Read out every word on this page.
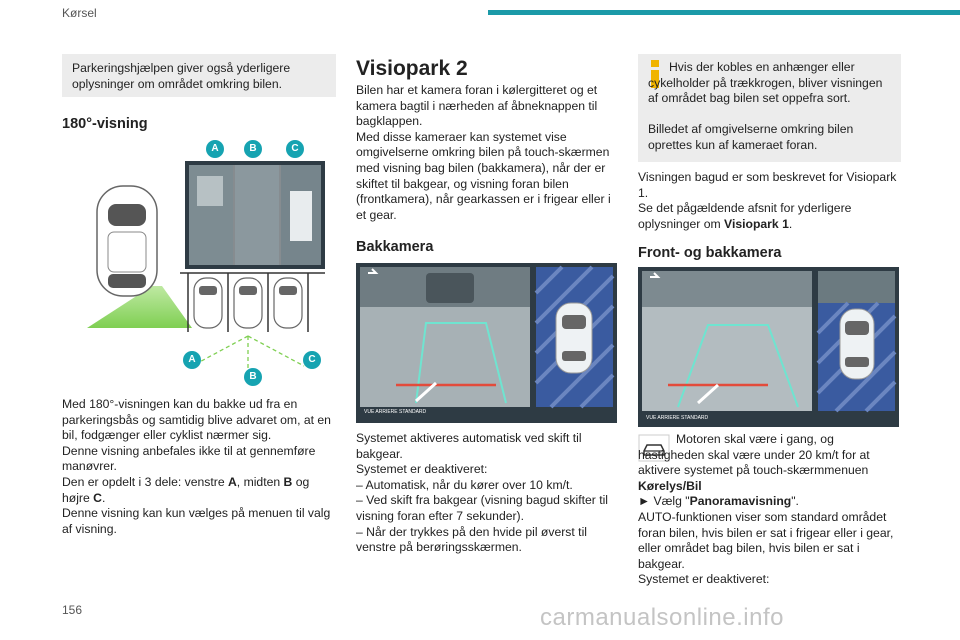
Kørsel

Parkeringshjælpen giver også yderligere oplysninger om området omkring bilen.

180°-visning
A	B	C
A
B
C

Med 180°-visningen kan du bakke ud fra en parkeringsbås og samtidig blive advaret om, at en bil, fodgænger eller cyklist nærmer sig.

Denne visning anbefales ikke til at gennemføre manøvrer.

Den er opdelt i 3 dele: venstre A, midten B og højre C.

Denne visning kan kun vælges på menuen til valg af visning.

Visiopark 2

Bilen har et kamera foran i kølergitteret og et kamera bagtil i nærheden af åbneknappen til bagklappen.

Med disse kameraer kan systemet vise omgivelserne omkring bilen på touch-skærmen med visning bag bilen (bakkamera), når der er skiftet til bakgear, og visning foran bilen (frontkamera), når gearkassen er i frigear eller i et gear.

Bakkamera
VUE ARRIERE STANDARD

Systemet aktiveres automatisk ved skift til bakgear.

Systemet er deaktiveret:

– Automatisk, når du kører over 10 km/t.

– Ved skift fra bakgear (visning bagud skifter til visning foran efter 7 sekunder).

– Når der trykkes på den hvide pil øverst til venstre på berøringsskærmen.

Hvis der kobles en anhænger eller cykelholder på trækkrogen, bliver visningen af området bag bilen set oppefra sort.

Billedet af omgivelserne omkring bilen oprettes kun af kameraet foran.

Visningen bagud er som beskrevet for Visiopark 1.

Se det pågældende afsnit for yderligere oplysninger om Visiopark 1.

Front- og bakkamera
VUE ARRIERE STANDARD

Motoren skal være i gang, og hastigheden skal være under 20 km/t for at aktivere systemet på touch-skærmmenuen Kørelys/Bil

► Vælg "Panoramavisning".

AUTO-funktionen viser som standard området foran bilen, hvis bilen er sat i frigear eller i gear, eller området bag bilen, hvis bilen er sat i bakgear.

Systemet er deaktiveret:

156	carmanualsonline.info
